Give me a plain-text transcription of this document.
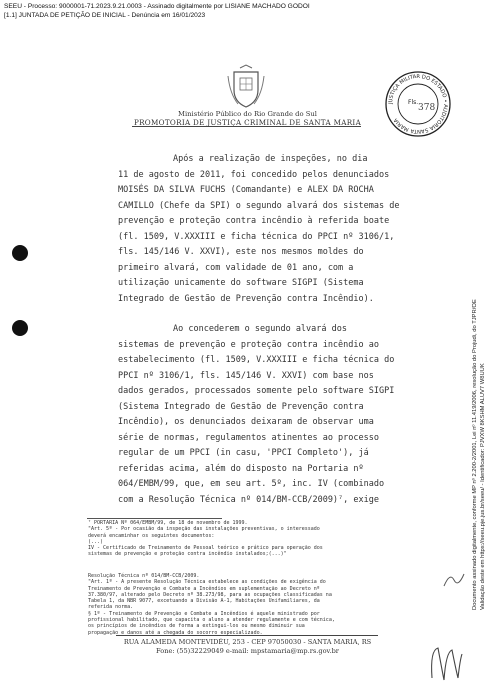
SEEU - Processo: 9000001-71.2023.9.21.0003 - Assinado digitalmente por LISIANE MACHADO GODOI
[1.1] JUNTADA DE PETIÇÃO DE INICIAL - Denúncia em 16/01/2023
Ministério Público do Rio Grande do Sul
PROMOTORIA DE JUSTIÇA CRIMINAL DE SANTA MARIA
JUSTIÇA MILITAR DO ESTADO • AUDITORIA SANTA MARIA
Fls.
378
Após a realização de inspeções, no dia
11 de agosto de 2011, foi concedido pelos denunciados
MOISÉS DA SILVA FUCHS (Comandante) e ALEX DA ROCHA
CAMILLO (Chefe da SPI) o segundo alvará dos sistemas de
prevenção e proteção contra incêndio à referida boate
(fl. 1509, V.XXXIII e ficha técnica do PPCI nº 3106/1,
fls. 145/146 V. XXVI), este nos mesmos moldes do
primeiro alvará, com validade de 01 ano, com a
utilização unicamente do software SIGPI (Sistema
Integrado de Gestão de Prevenção contra Incêndio).
Ao concederem o segundo alvará dos
sistemas de prevenção e proteção contra incêndio ao
estabelecimento (fl. 1509, V.XXXIII e ficha técnica do
PPCI nº 3106/1, fls. 145/146 V. XXVI) com base nos
dados gerados, processados somente pelo software SIGPI
(Sistema Integrado de Gestão de Prevenção contra
Incêndio), os denunciados deixaram de observar uma
série de normas, regulamentos atinentes ao processo
regular de um PPCI (in casu, 'PPCI Completo'), já
referidas acima, além do disposto na Portaria nº
064/EMBM/99, que, em seu art. 5º, inc. IV (combinado
com a Resolução Técnica nº 014/BM-CCB/2009)⁷, exige
⁷ PORTARIA Nº 064/EMBM/99, de 18 de novembro de 1999.
"Art. 5º - Por ocasião da inspeção das instalações preventivas, o interessado
deverá encaminhar os seguintes documentos:
(...)
IV - Certificado de Treinamento de Pessoal teórico e prático para operação dos
sistemas de prevenção e proteção contra incêndio instalados;(...)"
Resolução Técnica nº 014/BM-CCB/2009.
"Art. 1º - A presente Resolução Técnica estabelece as condições de exigência do
Treinamento de Prevenção e Combate a Incêndios em suplementação ao Decreto nº
37.380/97, alterado pelo Decreto nº 38.273/98, para as ocupações classificadas na
Tabela 1, da NBR 9077, excetuando a Divisão A-1, Habitações Unifamiliares, da
referida norma.
§ 1º - Treinamento de Prevenção e Combate a Incêndios é aquele ministrado por
profissional habilitado, que capacita o aluno a atender regulamente e com técnica,
os princípios de incêndios de forma a extingui-los ou mesmo diminuir sua
propagação e danos até a chegada do socorro especializado.
RUA ALAMEDA MONTEVIDÉU, 253 - CEP 97050030 - SANTA MARIA, RS
Fone: (55)32229049 e-mail: mpstamaria@mp.rs.gov.br
Documento assinado digitalmente, conforme MP nº 2.200-2/2001, Lei nº 11.419/2006, resolução do Projudi, do TJPR/OE Validação deste em https://seeu.pje.jus.br/seeu/ - Identificador: PJVXW 8KSHM ALUV7 W8UUK
